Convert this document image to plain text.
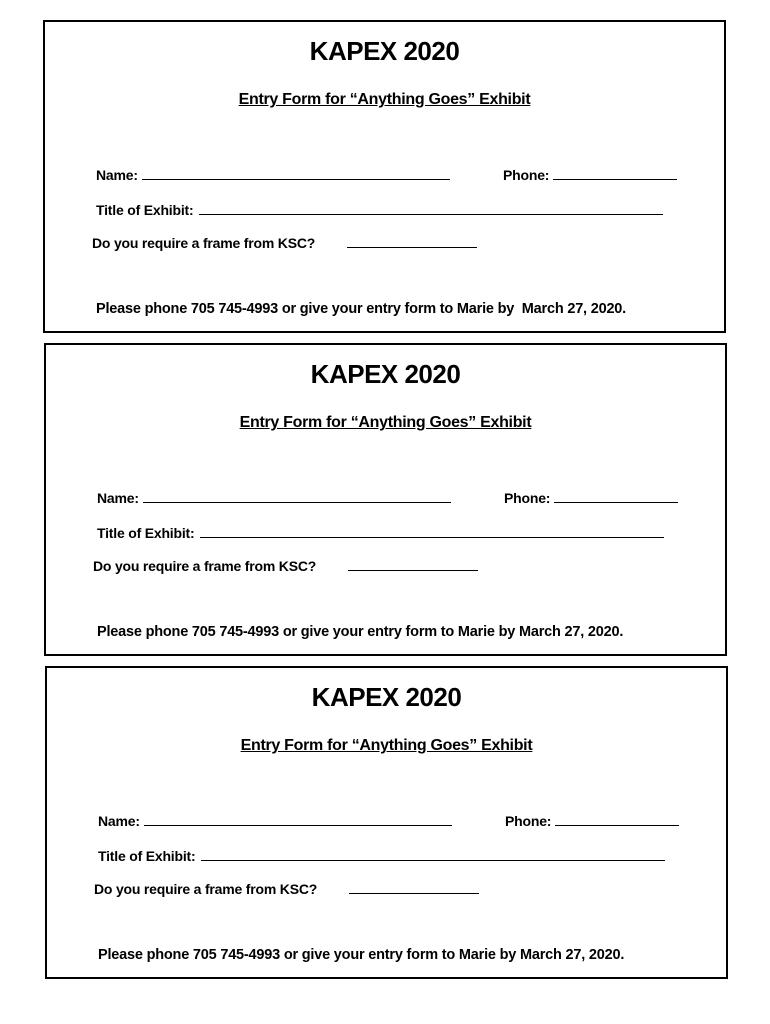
KAPEX 2020
Entry Form for “Anything Goes” Exhibit
Name:	Phone:
Title of Exhibit:
Do you require a frame from KSC?
Please phone 705 745-4993 or give your entry form to Marie by  March 27, 2020.
KAPEX 2020
Entry Form for “Anything Goes” Exhibit
Name:	Phone:
Title of Exhibit:
Do you require a frame from KSC?
Please phone 705 745-4993 or give your entry form to Marie by March 27, 2020.
KAPEX 2020
Entry Form for “Anything Goes” Exhibit
Name:	Phone:
Title of Exhibit:
Do you require a frame from KSC?
Please phone 705 745-4993 or give your entry form to Marie by March 27, 2020.
